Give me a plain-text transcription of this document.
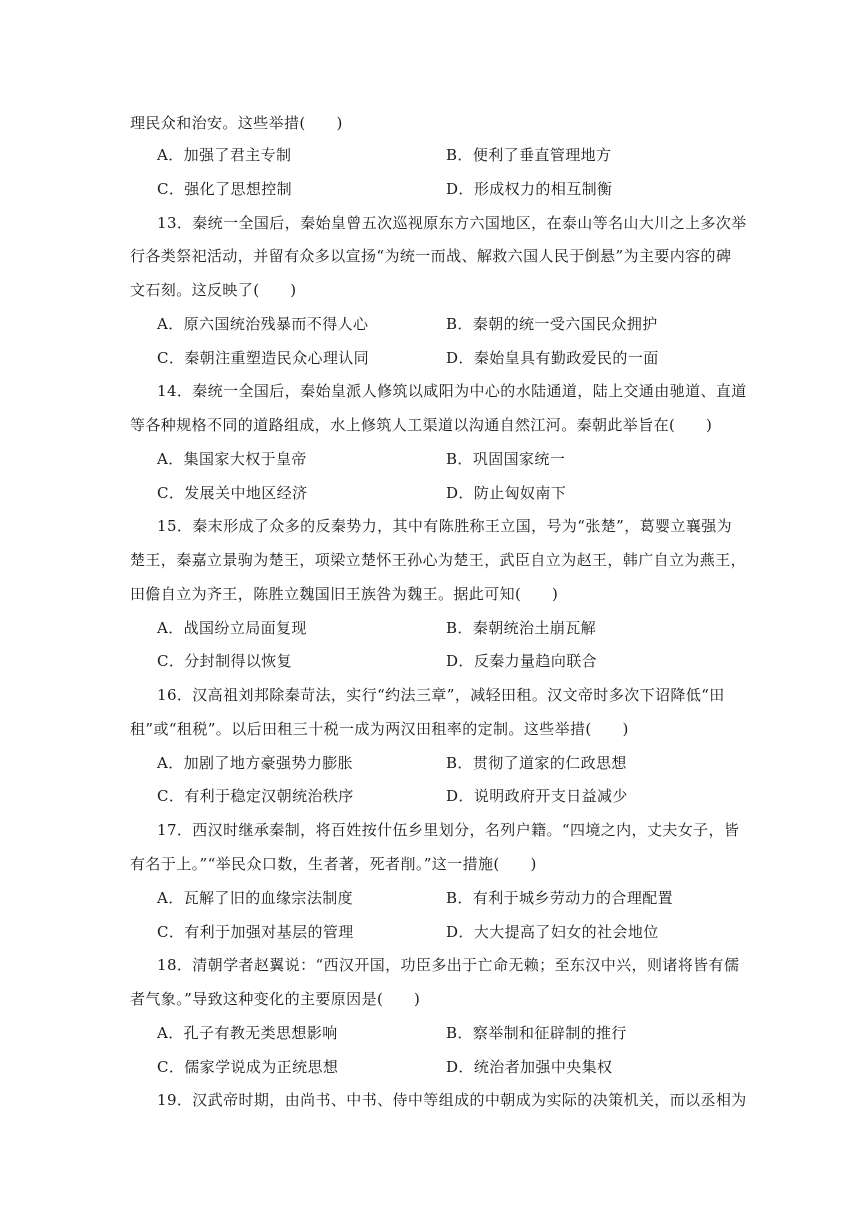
理民众和治安。这些举措(　　)
A．加强了君主专制	B．便利了垂直管理地方
C．强化了思想控制	D．形成权力的相互制衡
13．秦统一全国后，秦始皇曾五次巡视原东方六国地区，在泰山等名山大川之上多次举
行各类祭祀活动，并留有众多以宣扬“为统一而战、解救六国人民于倒悬”为主要内容的碑
文石刻。这反映了(　　)
A．原六国统治残暴而不得人心	B．秦朝的统一受六国民众拥护
C．秦朝注重塑造民众心理认同	D．秦始皇具有勤政爱民的一面
14．秦统一全国后，秦始皇派人修筑以咸阳为中心的水陆通道，陆上交通由驰道、直道
等各种规格不同的道路组成，水上修筑人工渠道以沟通自然江河。秦朝此举旨在(　　)
A．集国家大权于皇帝	B．巩固国家统一
C．发展关中地区经济	D．防止匈奴南下
15．秦末形成了众多的反秦势力，其中有陈胜称王立国，号为“张楚”，葛婴立襄强为
楚王，秦嘉立景驹为楚王，项梁立楚怀王孙心为楚王，武臣自立为赵王，韩广自立为燕王，
田儋自立为齐王，陈胜立魏国旧王族咎为魏王。据此可知(　　)
A．战国纷立局面复现	B．秦朝统治土崩瓦解
C．分封制得以恢复	D．反秦力量趋向联合
16．汉高祖刘邦除秦苛法，实行“约法三章”，减轻田租。汉文帝时多次下诏降低“田
租”或“租税”。以后田租三十税一成为两汉田租率的定制。这些举措(　　)
A．加剧了地方豪强势力膨胀	B．贯彻了道家的仁政思想
C．有利于稳定汉朝统治秩序	D．说明政府开支日益减少
17．西汉时继承秦制，将百姓按什伍乡里划分，名列户籍。“四境之内，丈夫女子，皆
有名于上。”“举民众口数，生者著，死者削。”这一措施(　　)
A．瓦解了旧的血缘宗法制度	B．有利于城乡劳动力的合理配置
C．有利于加强对基层的管理	D．大大提高了妇女的社会地位
18．清朝学者赵翼说：“西汉开国，功臣多出于亡命无赖；至东汉中兴，则诸将皆有儒
者气象。”导致这种变化的主要原因是(　　)
A．孔子有教无类思想影响	B．察举制和征辟制的推行
C．儒家学说成为正统思想	D．统治者加强中央集权
19．汉武帝时期，由尚书、中书、侍中等组成的中朝成为实际的决策机关，而以丞相为
